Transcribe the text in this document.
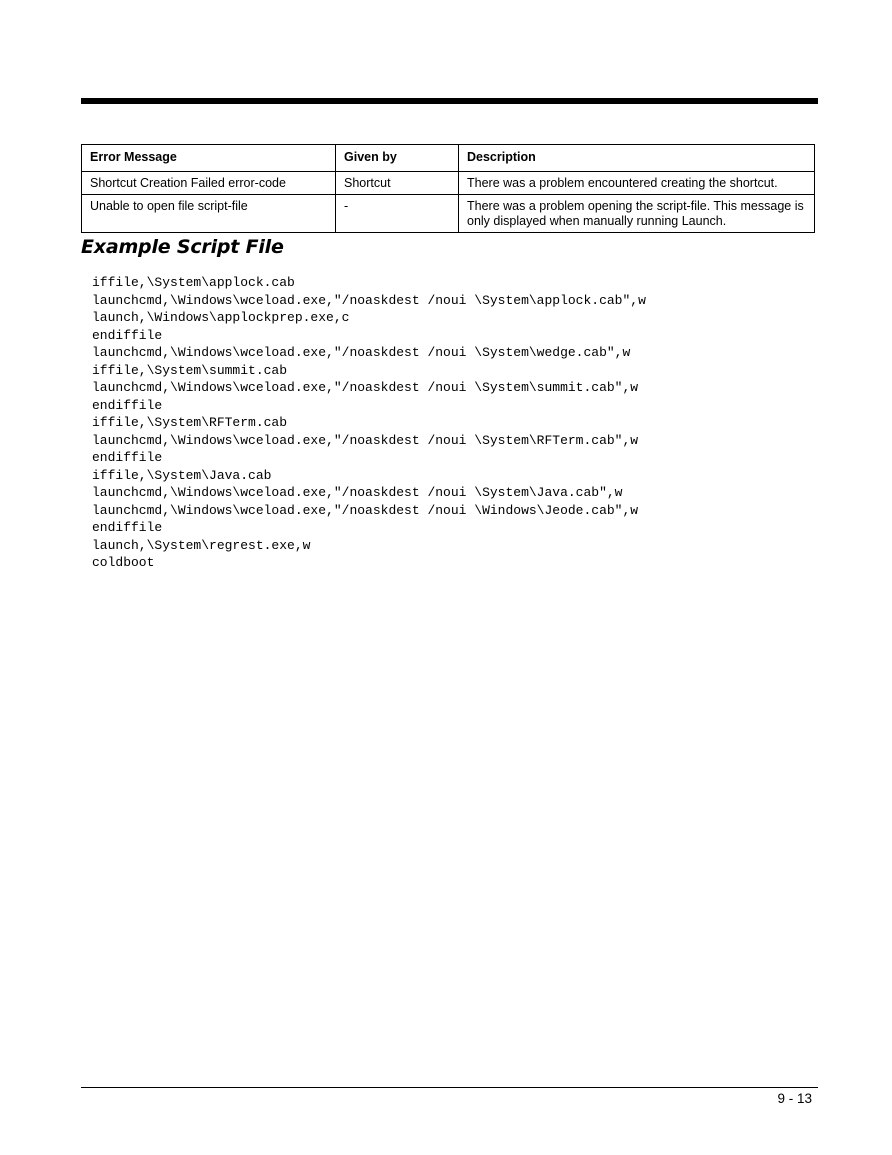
Error Message	Given by	Description
Shortcut Creation Failed error-code	Shortcut	There was a problem encountered creating the shortcut.
Unable to open file script-file	-	There was a problem opening the script-file. This message is only displayed when manually running Launch.
Example Script File
iffile,\System\applock.cab
launchcmd,\Windows\wceload.exe,"/noaskdest /noui \System\applock.cab",w
launch,\Windows\applockprep.exe,c
endiffile
launchcmd,\Windows\wceload.exe,"/noaskdest /noui \System\wedge.cab",w
iffile,\System\summit.cab
launchcmd,\Windows\wceload.exe,"/noaskdest /noui \System\summit.cab",w
endiffile
iffile,\System\RFTerm.cab
launchcmd,\Windows\wceload.exe,"/noaskdest /noui \System\RFTerm.cab",w
endiffile
iffile,\System\Java.cab
launchcmd,\Windows\wceload.exe,"/noaskdest /noui \System\Java.cab",w
launchcmd,\Windows\wceload.exe,"/noaskdest /noui \Windows\Jeode.cab",w
endiffile
launch,\System\regrest.exe,w
coldboot
9 - 13
